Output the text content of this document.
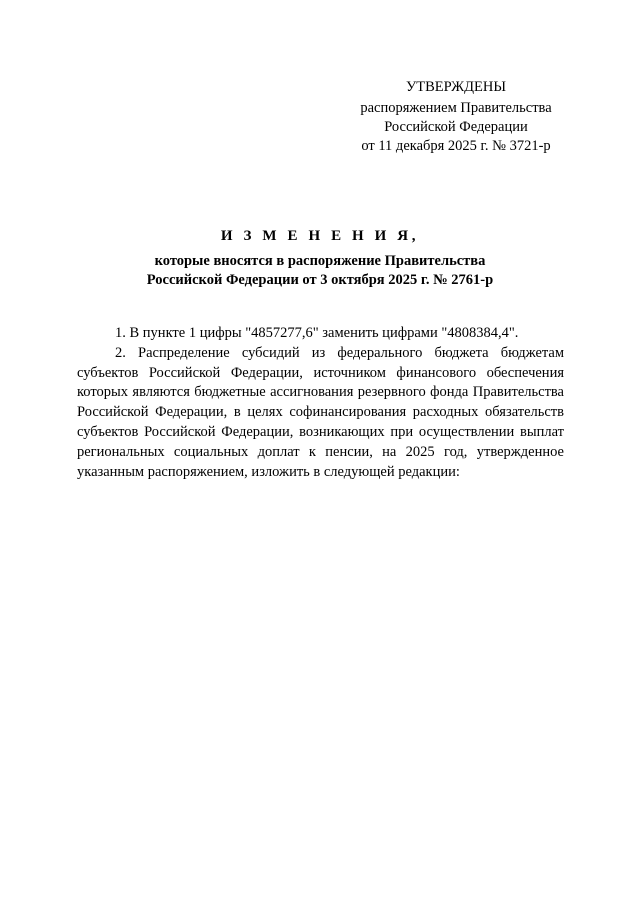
УТВЕРЖДЕНЫ
распоряжением Правительства
Российской Федерации
от 11 декабря 2025 г. № 3721-р
И З М Е Н Е Н И Я,
которые вносятся в распоряжение Правительства
Российской Федерации от 3 октября 2025 г. № 2761-р

1. В пункте 1 цифры "4857277,6" заменить цифрами "4808384,4".

2. Распределение субсидий из федерального бюджета бюджетам субъектов Российской Федерации, источником финансового обеспечения которых являются бюджетные ассигнования резервного фонда Правительства Российской Федерации, в целях софинансирования расходных обязательств субъектов Российской Федерации, возникающих при осуществлении выплат региональных социальных доплат к пенсии, на 2025 год, утвержденное указанным распоряжением, изложить в следующей редакции:
